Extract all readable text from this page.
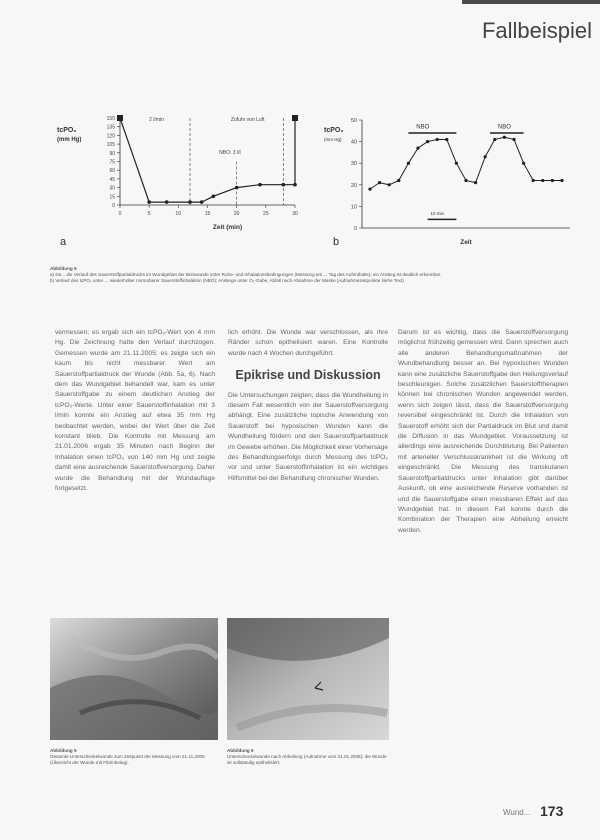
Fallbeispiel
tcPO₂
(mm Hg)
0
15
30
45
60
75
90
105
120
135
150
0	5	10	15	20	25	30
2 l/min	Zufuhr von Luft
NBO: 3 l/l
Zeit (min)
a
tcPO₂
(mm Hg)
0
10
20
30
40
50
NBO	NBO
10 min
Zeit
b
Abbildung 5
a) Da... die Verlauf des Sauerstoffpartialdrucks im Wundgebiet der Beinwunde unter Ruhe- und Inhalationsbedingungen (Messung am ... Tag des Aufenthalts); ein Anstieg ist deutlich erkennbar.
b) Verlauf des tcPO₂ unter ... wiederholter normobarer Sauerstoffinhalation (NBO); Anstiege unter O₂-Gabe, Abfall nach Abnahme der Maske (Aufnahmezeitpunkte siehe Text).

vermessen; es ergab sich ein tcPO₂-Wert von 4 mm Hg. Die Zeichnung hatte den Verlauf durchzogen. Gemessen wurde am 21.11.2005; es zeigte sich ein kaum bis nicht messbarer Wert am Sauerstoffpartialdruck der Wunde (Abb. 5a, 6). Nach dem das Wundgebiet behandelt war, kam es unter Sauerstoffgabe zu einem deutlichen Anstieg der tcPO₂-Werte. Unter einer Sauerstoffinhalation mit 3 l/min konnte ein Anstieg auf etwa 35 mm Hg beobachtet werden, wobei der Wert über die Zeit konstant blieb. Die Kontrolle mit Messung am 21.01.2006 ergab 35 Minuten nach Beginn der Inhalation einen tcPO₂ von 140 mm Hg und zeigte damit eine ausreichende Sauerstoffversorgung. Daher wurde die Behandlung mit der Wundauflage fortgesetzt.

lich erhöht. Die Wunde war verschlossen, als ihre Ränder schon epithelisiert waren. Eine Kontrolle wurde nach 4 Wochen durchgeführt.

Epikrise und Diskussion

Die Untersuchungen zeigten, dass die Wundheilung in diesem Fall wesentlich von der Sauerstoffversorgung abhängt. Eine zusätzliche topische Anwendung von Sauerstoff bei hypoxischen Wunden kann die Wundheilung fördern und den Sauerstoffpartialdruck im Gewebe erhöhen. Die Möglichkeit einer Vorhersage des Behandlungserfolgs durch Messung des tcPO₂ vor und unter Sauerstoffinhalation ist ein wichtiges Hilfsmittel bei der Behandlung chronischer Wunden.

Darum ist es wichtig, dass die Sauerstoffversorgung möglichst frühzeitig gemessen wird. Dann sprechen auch alle anderen Behandlungsmaßnahmen der Wundbehandlung besser an. Bei hypoxischen Wunden kann eine zusätzliche Sauerstoffgabe den Heilungsverlauf beschleunigen. Solche zusätzlichen Sauerstofftherapien können bei chronischen Wunden angewendet werden, wenn sich zeigen lässt, dass die Sauerstoffversorgung reversibel eingeschränkt ist. Durch die Inhalation von Sauerstoff erhöht sich der Partialdruck im Blut und damit die Diffusion in das Wundgebiet. Voraussetzung ist allerdings eine ausreichende Durchblutung. Bei Patienten mit arterieller Verschlusskrankheit ist die Wirkung oft eingeschränkt. Die Messung des transkutanen Sauerstoffpartialdrucks unter Inhalation gibt darüber Auskunft, ob eine ausreichende Reserve vorhanden ist und die Sauerstoffgabe einen messbaren Effekt auf das Wundgebiet hat. In diesem Fall konnte durch die Kombination der Therapien eine Abheilung erreicht werden.

Abbildung 5
Gesamte Unterschenkelwunde zum Zeitpunkt der Messung vom 21.11.2005 (Übersicht der Wunde mit Fibrinbelag).
Abbildung 6
Unterschenkelwunde nach Abheilung (Aufnahme vom 21.01.2006); die Wunde ist vollständig epithelisiert.
Wund... 173
